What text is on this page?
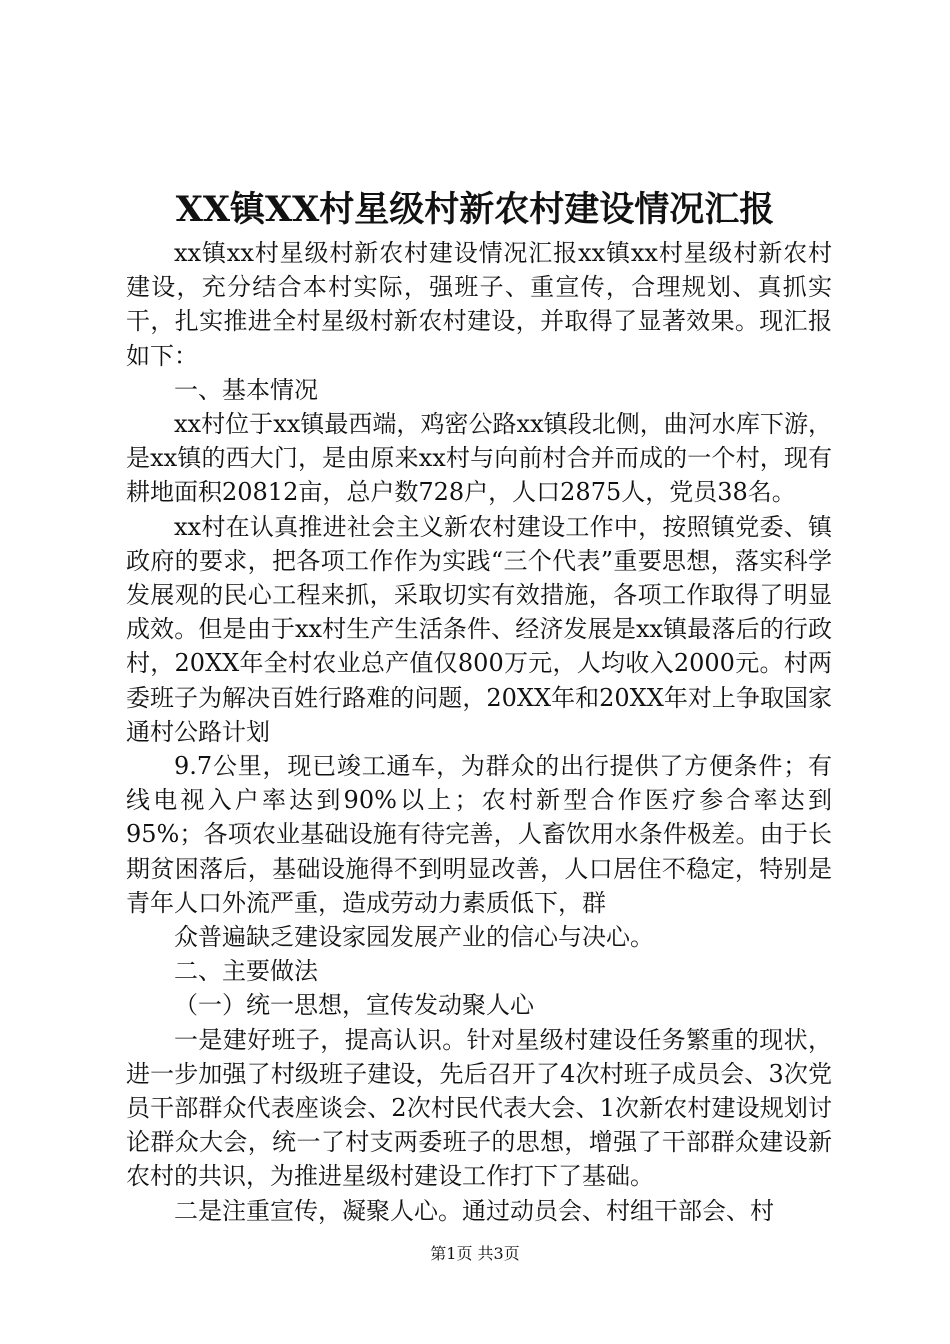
XX镇XX村星级村新农村建设情况汇报

xx镇xx村星级村新农村建设情况汇报xx镇xx村星级村新农村建设，充分结合本村实际，强班子、重宣传，合理规划、真抓实干，扎实推进全村星级村新农村建设，并取得了显著效果。现汇报如下：

一、基本情况

xx村位于xx镇最西端，鸡密公路xx镇段北侧，曲河水库下游，是xx镇的西大门，是由原来xx村与向前村合并而成的一个村，现有耕地面积20812亩，总户数728户，人口2875人，党员38名。

xx村在认真推进社会主义新农村建设工作中，按照镇党委、镇政府的要求，把各项工作作为实践“三个代表”重要思想，落实科学发展观的民心工程来抓，采取切实有效措施，各项工作取得了明显成效。但是由于xx村生产生活条件、经济发展是xx镇最落后的行政村，20XX年全村农业总产值仅800万元，人均收入2000元。村两委班子为解决百姓行路难的问题，20XX年和20XX年对上争取国家通村公路计划

9.7公里，现已竣工通车，为群众的出行提供了方便条件；有线电视入户率达到90%以上；农村新型合作医疗参合率达到95%；各项农业基础设施有待完善，人畜饮用水条件极差。由于长期贫困落后，基础设施得不到明显改善，人口居住不稳定，特别是青年人口外流严重，造成劳动力素质低下，群

众普遍缺乏建设家园发展产业的信心与决心。

二、主要做法

（一）统一思想，宣传发动聚人心

一是建好班子，提高认识。针对星级村建设任务繁重的现状，进一步加强了村级班子建设，先后召开了4次村班子成员会、3次党员干部群众代表座谈会、2次村民代表大会、1次新农村建设规划讨论群众大会，统一了村支两委班子的思想，增强了干部群众建设新农村的共识，为推进星级村建设工作打下了基础。

二是注重宣传，凝聚人心。通过动员会、村组干部会、村

第1页 共3页
